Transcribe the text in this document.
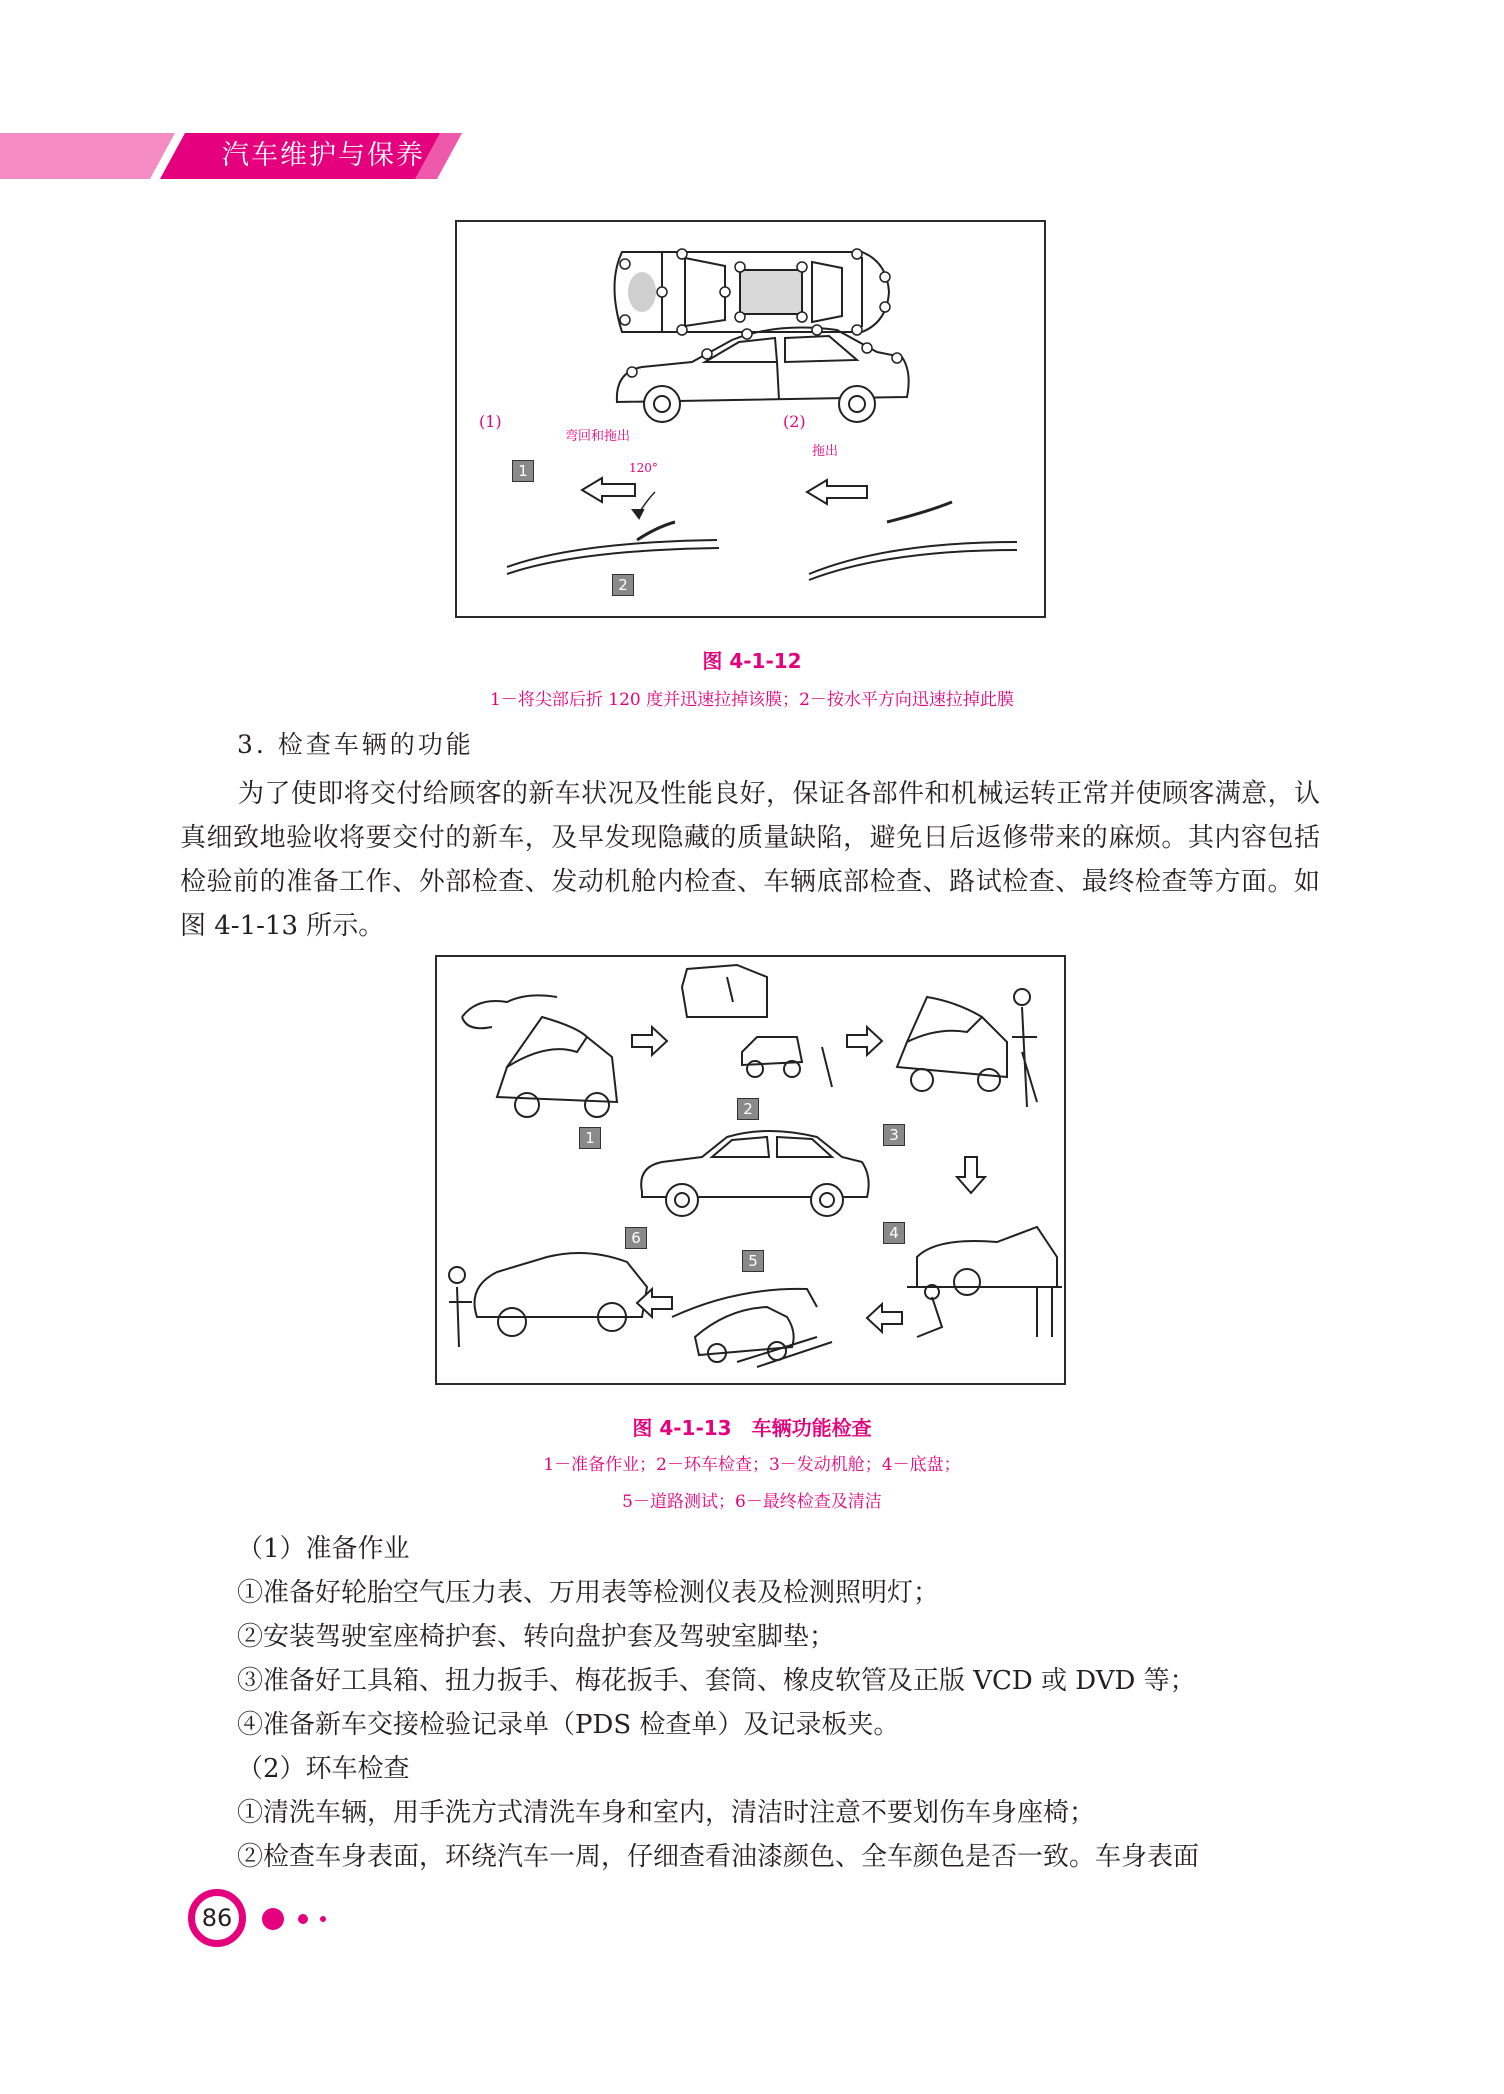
汽车维护与保养
(1)	(2)
弯回和拖出
120°
拖出
1
2
图 4-1-12
1－将尖部后折 120 度并迅速拉掉该膜；2－按水平方向迅速拉掉此膜
3. 检查车辆的功能

为了使即将交付给顾客的新车状况及性能良好，保证各部件和机械运转正常并使顾客满意，认真细致地验收将要交付的新车，及早发现隐藏的质量缺陷，避免日后返修带来的麻烦。其内容包括检验前的准备工作、外部检查、发动机舱内检查、车辆底部检查、路试检查、最终检查等方面。如图 4-1-13 所示。

1
2
3
4
5
6
图 4-1-13　车辆功能检查
1－准备作业；2－环车检查；3－发动机舱；4－底盘；
5－道路测试；6－最终检查及清洁
（1）准备作业
①准备好轮胎空气压力表、万用表等检测仪表及检测照明灯；
②安装驾驶室座椅护套、转向盘护套及驾驶室脚垫；
③准备好工具箱、扭力扳手、梅花扳手、套筒、橡皮软管及正版 VCD 或 DVD 等；
④准备新车交接检验记录单（PDS 检查单）及记录板夹。
（2）环车检查
①清洗车辆，用手洗方式清洗车身和室内，清洁时注意不要划伤车身座椅；
②检查车身表面，环绕汽车一周，仔细查看油漆颜色、全车颜色是否一致。车身表面
86
